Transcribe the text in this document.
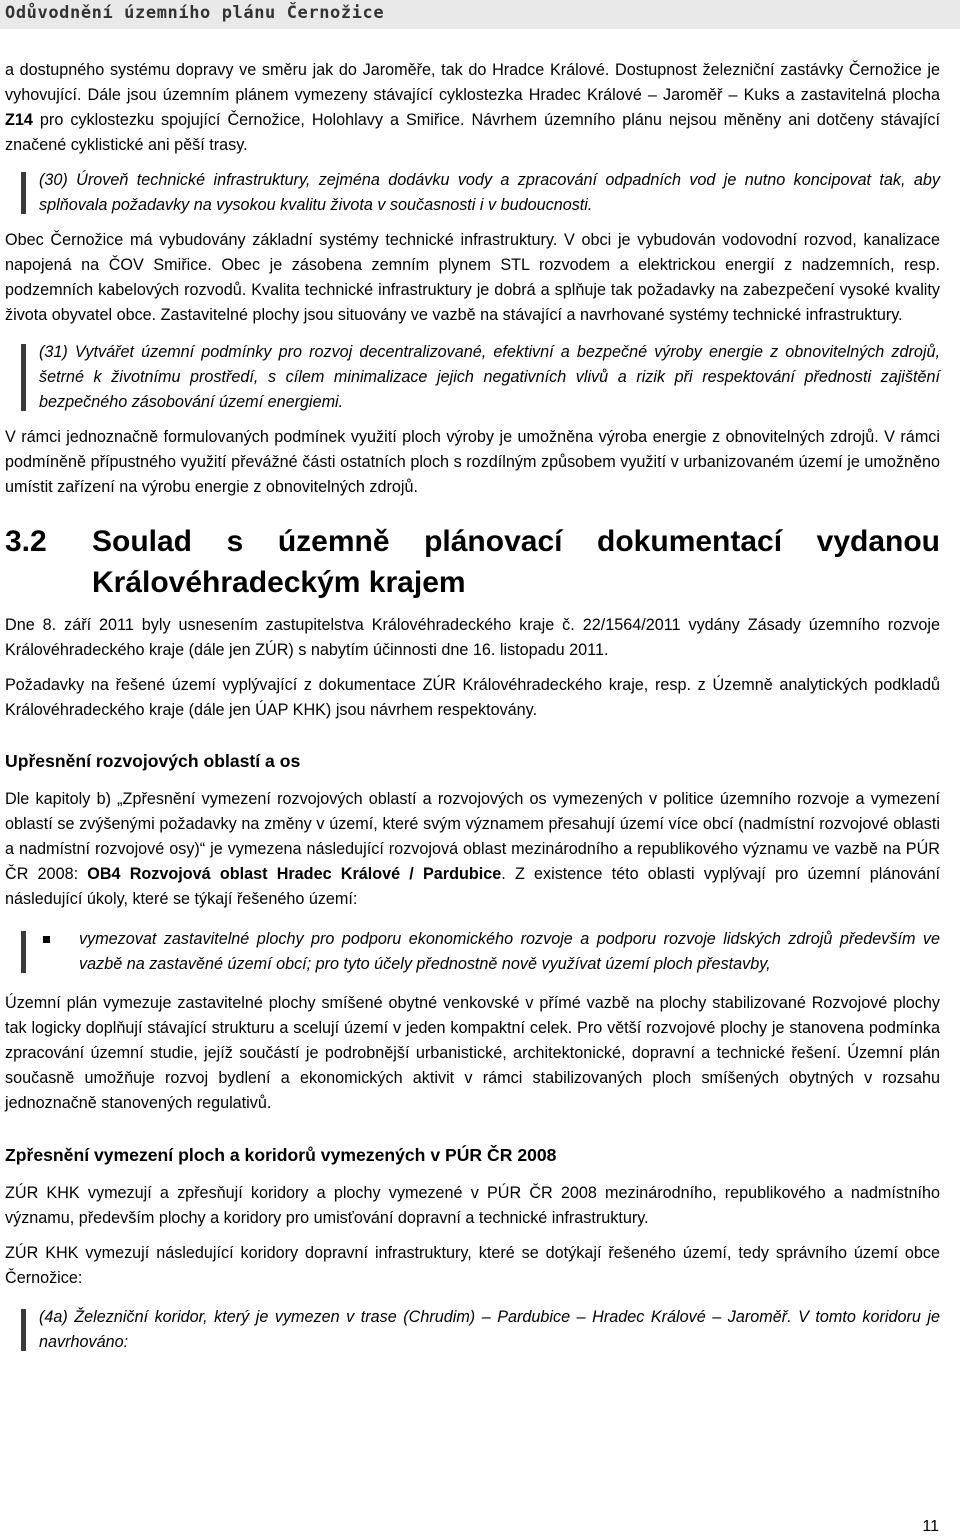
Odůvodnění územního plánu Černožice

a dostupného systému dopravy ve směru jak do Jaroměře, tak do Hradce Králové. Dostupnost železniční zastávky Černožice je vyhovující. Dále jsou územním plánem vymezeny stávající cyklostezka Hradec Králové – Jaroměř – Kuks a zastavitelná plocha Z14 pro cyklostezku spojující Černožice, Holohlavy a Smiřice. Návrhem územního plánu nejsou měněny ani dotčeny stávající značené cyklistické ani pěší trasy.

(30) Úroveň technické infrastruktury, zejména dodávku vody a zpracování odpadních vod je nutno koncipovat tak, aby splňovala požadavky na vysokou kvalitu života v současnosti i v budoucnosti.

Obec Černožice má vybudovány základní systémy technické infrastruktury. V obci je vybudován vodovodní rozvod, kanalizace napojená na ČOV Smiřice. Obec je zásobena zemním plynem STL rozvodem a elektrickou energií z nadzemních, resp. podzemních kabelových rozvodů. Kvalita technické infrastruktury je dobrá a splňuje tak požadavky na zabezpečení vysoké kvality života obyvatel obce. Zastavitelné plochy jsou situovány ve vazbě na stávající a navrhované systémy technické infrastruktury.

(31) Vytvářet územní podmínky pro rozvoj decentralizované, efektivní a bezpečné výroby energie z obnovitelných zdrojů, šetrné k životnímu prostředí, s cílem minimalizace jejich negativních vlivů a rizik při respektování přednosti zajištění bezpečného zásobování území energiemi.

V rámci jednoznačně formulovaných podmínek využití ploch výroby je umožněna výroba energie z obnovitelných zdrojů. V rámci podmíněně přípustného využití převážné části ostatních ploch s rozdílným způsobem využití v urbanizovaném území je umožněno umístit zařízení na výrobu energie z obnovitelných zdrojů.

3.2	Soulad s územně plánovací dokumentací vydanou Královéhradeckým krajem

Dne 8. září 2011 byly usnesením zastupitelstva Královéhradeckého kraje č. 22/1564/2011 vydány Zásady územního rozvoje Královéhradeckého kraje (dále jen ZÚR) s nabytím účinnosti dne 16. listopadu 2011.

Požadavky na řešené území vyplývající z dokumentace ZÚR Královéhradeckého kraje, resp. z Územně analytických podkladů Královéhradeckého kraje (dále jen ÚAP KHK) jsou návrhem respektovány.

Upřesnění rozvojových oblastí a os

Dle kapitoly b) „Zpřesnění vymezení rozvojových oblastí a rozvojových os vymezených v politice územního rozvoje a vymezení oblastí se zvýšenými požadavky na změny v území, které svým významem přesahují území více obcí (nadmístní rozvojové oblasti a nadmístní rozvojové osy)“ je vymezena následující rozvojová oblast mezinárodního a republikového významu ve vazbě na PÚR ČR 2008: OB4 Rozvojová oblast Hradec Králové / Pardubice. Z existence této oblasti vyplývají pro územní plánování následující úkoly, které se týkají řešeného území:

vymezovat zastavitelné plochy pro podporu ekonomického rozvoje a podporu rozvoje lidských zdrojů především ve vazbě na zastavěné území obcí; pro tyto účely přednostně nově využívat území ploch přestavby,

Územní plán vymezuje zastavitelné plochy smíšené obytné venkovské v přímé vazbě na plochy stabilizované Rozvojové plochy tak logicky doplňují stávající strukturu a scelují území v jeden kompaktní celek. Pro větší rozvojové plochy je stanovena podmínka zpracování územní studie, jejíž součástí je podrobnější urbanistické, architektonické, dopravní a technické řešení. Územní plán současně umožňuje rozvoj bydlení a ekonomických aktivit v rámci stabilizovaných ploch smíšených obytných v rozsahu jednoznačně stanovených regulativů.

Zpřesnění vymezení ploch a koridorů vymezených v PÚR ČR 2008

ZÚR KHK vymezují a zpřesňují koridory a plochy vymezené v PÚR ČR 2008 mezinárodního, republikového a nadmístního významu, především plochy a koridory pro umisťování dopravní a technické infrastruktury.

ZÚR KHK vymezují následující koridory dopravní infrastruktury, které se dotýkají řešeného území, tedy správního území obce Černožice:

(4a) Železniční koridor, který je vymezen v trase (Chrudim) – Pardubice – Hradec Králové – Jaroměř. V tomto koridoru je navrhováno:

11
